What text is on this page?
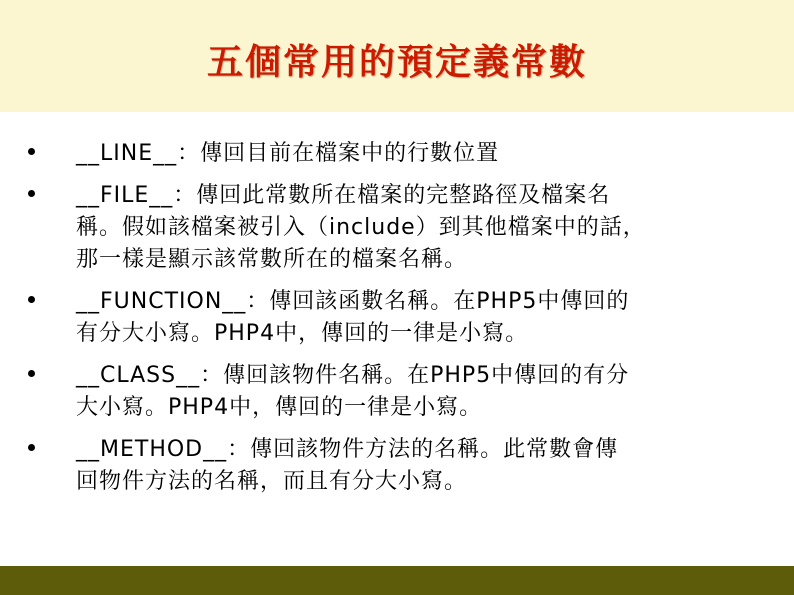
五個常用的預定義常數
__LINE__：傳回目前在檔案中的行數位置
__FILE__：傳回此常數所在檔案的完整路徑及檔案名
稱。假如該檔案被引入（include）到其他檔案中的話，
那一樣是顯示該常數所在的檔案名稱。
__FUNCTION__：傳回該函數名稱。在PHP5中傳回的
有分大小寫。PHP4中，傳回的一律是小寫。
__CLASS__：傳回該物件名稱。在PHP5中傳回的有分
大小寫。PHP4中，傳回的一律是小寫。
__METHOD__：傳回該物件方法的名稱。此常數會傳
回物件方法的名稱，而且有分大小寫。
